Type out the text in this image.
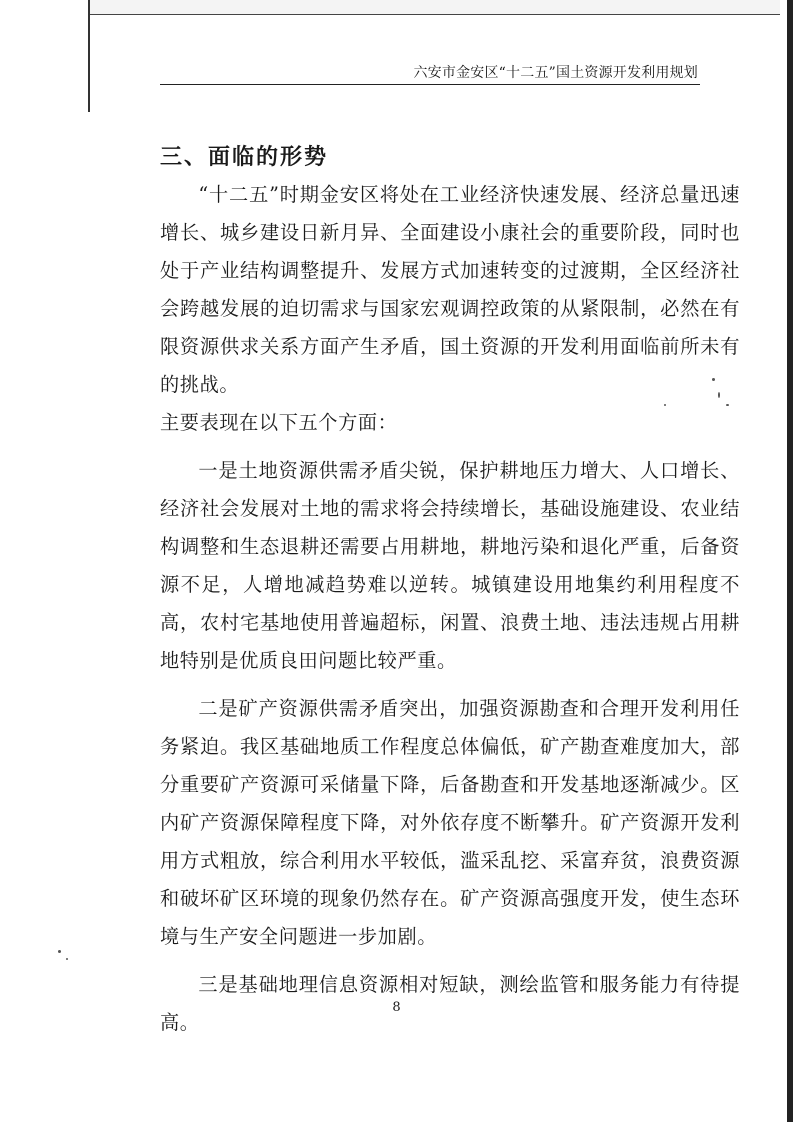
六安市金安区“十二五”国土资源开发利用规划
三、面临的形势

“十二五”时期金安区将处在工业经济快速发展、经济总量迅速增长、城乡建设日新月异、全面建设小康社会的重要阶段，同时也处于产业结构调整提升、发展方式加速转变的过渡期，全区经济社会跨越发展的迫切需求与国家宏观调控政策的从紧限制，必然在有限资源供求关系方面产生矛盾，国土资源的开发利用面临前所未有的挑战。

主要表现在以下五个方面：

一是土地资源供需矛盾尖锐，保护耕地压力增大、人口增长、经济社会发展对土地的需求将会持续增长，基础设施建设、农业结构调整和生态退耕还需要占用耕地，耕地污染和退化严重，后备资源不足，人增地减趋势难以逆转。城镇建设用地集约利用程度不高，农村宅基地使用普遍超标，闲置、浪费土地、违法违规占用耕地特别是优质良田问题比较严重。

二是矿产资源供需矛盾突出，加强资源勘查和合理开发利用任务紧迫。我区基础地质工作程度总体偏低，矿产勘查难度加大，部分重要矿产资源可采储量下降，后备勘查和开发基地逐渐减少。区内矿产资源保障程度下降，对外依存度不断攀升。矿产资源开发利用方式粗放，综合利用水平较低，滥采乱挖、采富弃贫，浪费资源和破坏矿区环境的现象仍然存在。矿产资源高强度开发，使生态环境与生产安全问题进一步加剧。

三是基础地理信息资源相对短缺，测绘监管和服务能力有待提高。

8
